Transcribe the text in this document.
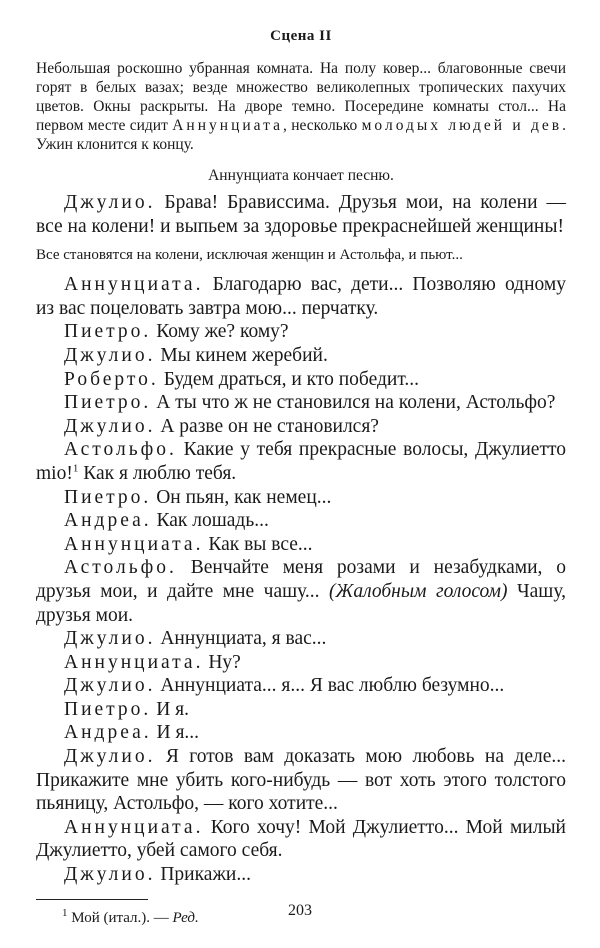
Сцена II

Небольшая роскошно убранная комната. На полу ковер... благовонные свечи горят в белых вазах; везде множество великолепных тропических пахучих цветов. Окны раскрыты. На дворе темно. Посередине комнаты стол... На первом месте сидит Аннунциата, несколько молодых людей и дев. Ужин клонится к концу.

Аннунциата кончает песню.

Джулио. Брава! Брависсима. Друзья мои, на колени — все на колени! и выпьем за здоровье прекраснейшей женщины!

Все становятся на колени, исключая женщин и Астольфа, и пьют...

Аннунциата. Благодарю вас, дети... Позволяю одному из вас поцеловать завтра мою... перчатку.

Пиетро. Кому же? кому?

Джулио. Мы кинем жеребий.

Роберто. Будем драться, и кто победит...

Пиетро. А ты что ж не становился на колени, Астольфо?

Джулио. А разве он не становился?

Астольфо. Какие у тебя прекрасные волосы, Джулиетто mio!$^1$ Как я люблю тебя.

Пиетро. Он пьян, как немец...

Андреа. Как лошадь...

Аннунциата. Как вы все...

Астольфо. Венчайте меня розами и незабудками, о друзья мои, и дайте мне чашу... (Жалобным голосом) Чашу, друзья мои.

Джулио. Аннунциата, я вас...

Аннунциата. Ну?

Джулио. Аннунциата... я... Я вас люблю безумно...

Пиетро. И я.

Андреа. И я...

Джулио. Я готов вам доказать мою любовь на деле... Прикажите мне убить кого-нибудь — вот хоть этого толстого пьяницу, Астольфо, — кого хотите...

Аннунциата. Кого хочу! Мой Джулиетто... Мой милый Джулиетто, убей самого себя.

Джулио. Прикажи...

$^1$ Мой (итал.). — Ред.	203
